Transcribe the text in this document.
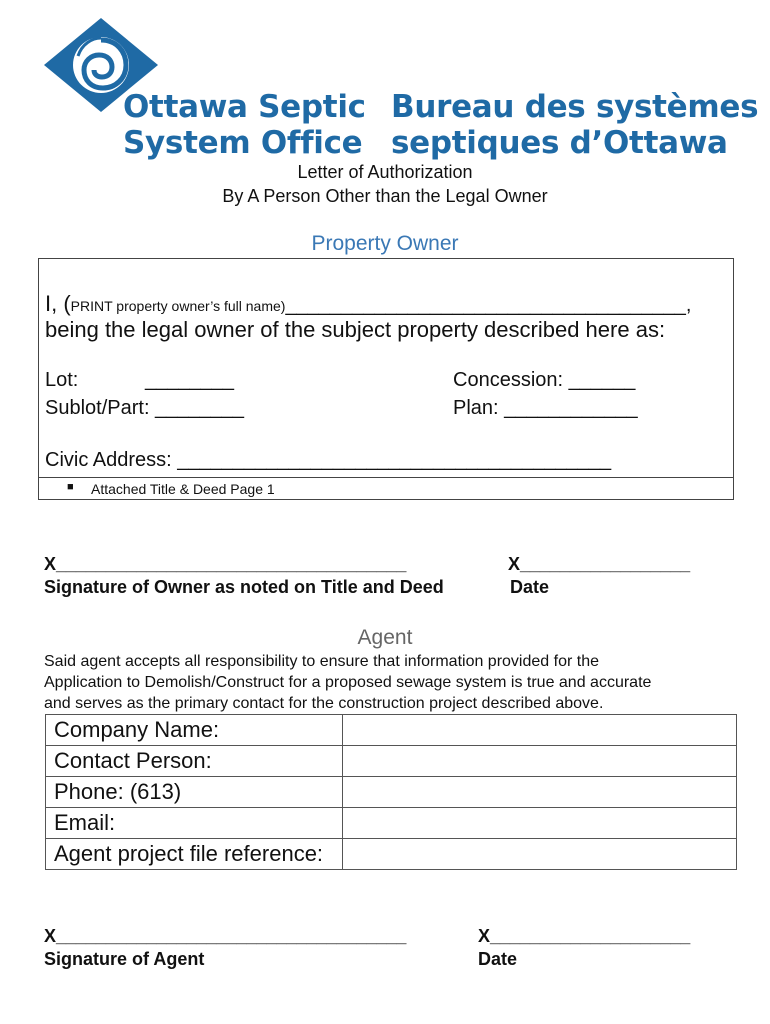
Ottawa Septic
System Office
Bureau des systèmes
septiques d’Ottawa
Letter of Authorization
By A Person Other than the Legal Owner
Property Owner
I, (PRINT property owner’s full name)____________________________________,
being the legal owner of the subject property described here as:
Lot:            ________
Sublot/Part: ________
Concession: ______
Plan: ____________
Civic Address: _______________________________________
■ Attached Title & Deed Page 1
X___________________________________
Signature of Owner as noted on Title and Deed
X_________________
Date
Agent
Said agent accepts all responsibility to ensure that information provided for the
Application to Demolish/Construct for a proposed sewage system is true and accurate
and serves as the primary contact for the construction project described above.
Company Name:	
Contact Person:	
Phone: (613)	
Email:	
Agent project file reference:	
X___________________________________
Signature of Agent
X____________________
Date
